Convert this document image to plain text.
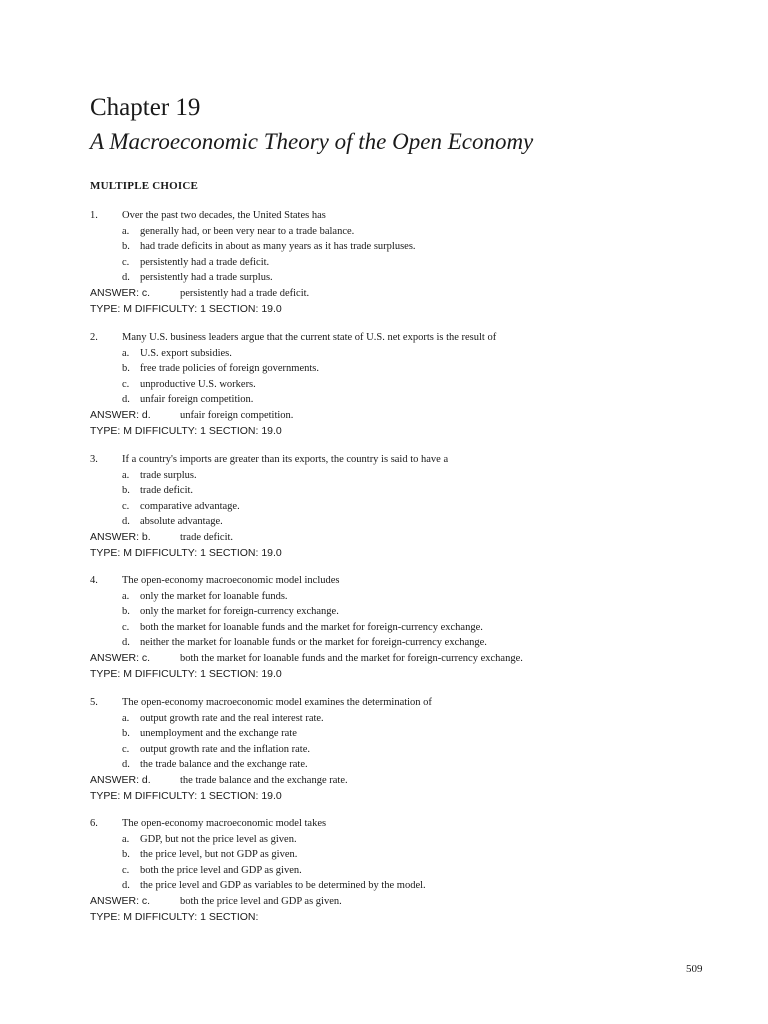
Chapter 19
A Macroeconomic Theory of the Open Economy
MULTIPLE CHOICE
1. Over the past two decades, the United States has
a. generally had, or been very near to a trade balance.
b. had trade deficits in about as many years as it has trade surpluses.
c. persistently had a trade deficit.
d. persistently had a trade surplus.
ANSWER: c.	persistently had a trade deficit.
TYPE: M DIFFICULTY: 1 SECTION: 19.0
2. Many U.S. business leaders argue that the current state of U.S. net exports is the result of
a. U.S. export subsidies.
b. free trade policies of foreign governments.
c. unproductive U.S. workers.
d. unfair foreign competition.
ANSWER: d.	unfair foreign competition.
TYPE: M DIFFICULTY: 1 SECTION: 19.0
3. If a country's imports are greater than its exports, the country is said to have a
a. trade surplus.
b. trade deficit.
c. comparative advantage.
d. absolute advantage.
ANSWER: b.	trade deficit.
TYPE: M DIFFICULTY: 1 SECTION: 19.0
4. The open-economy macroeconomic model includes
a. only the market for loanable funds.
b. only the market for foreign-currency exchange.
c. both the market for loanable funds and the market for foreign-currency exchange.
d. neither the market for loanable funds or the market for foreign-currency exchange.
ANSWER: c.	both the market for loanable funds and the market for foreign-currency exchange.
TYPE: M DIFFICULTY: 1 SECTION: 19.0
5. The open-economy macroeconomic model examines the determination of
a. output growth rate and the real interest rate.
b. unemployment and the exchange rate
c. output growth rate and the inflation rate.
d. the trade balance and the exchange rate.
ANSWER: d.	the trade balance and the exchange rate.
TYPE: M DIFFICULTY: 1 SECTION: 19.0
6. The open-economy macroeconomic model takes
a. GDP, but not the price level as given.
b. the price level, but not GDP as given.
c. both the price level and GDP as given.
d. the price level and GDP as variables to be determined by the model.
ANSWER: c.	both the price level and GDP as given.
TYPE: M DIFFICULTY: 1 SECTION:
509
